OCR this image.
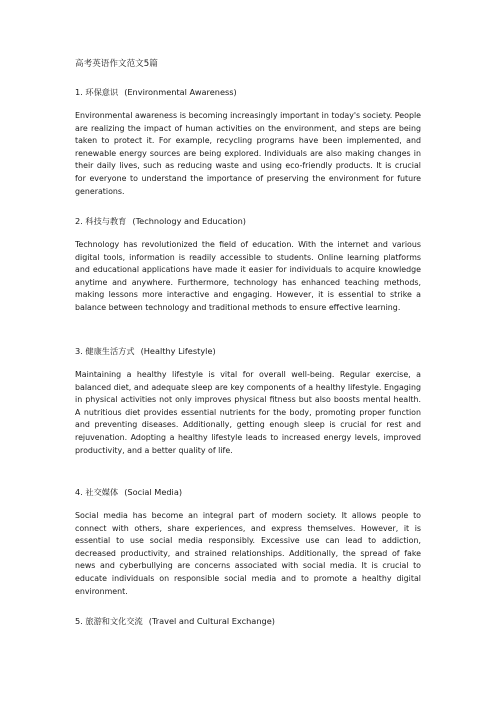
高考英语作文范文5篇
1. 环保意识 (Environmental Awareness)
Environmental awareness is becoming increasingly important in today's society. People are realizing the impact of human activities on the environment, and steps are being taken to protect it. For example, recycling programs have been implemented, and renewable energy sources are being explored. Individuals are also making changes in their daily lives, such as reducing waste and using eco-friendly products. It is crucial for everyone to understand the importance of preserving the environment for future generations.
2. 科技与教育 (Technology and Education)
Technology has revolutionized the field of education. With the internet and various digital tools, information is readily accessible to students. Online learning platforms and educational applications have made it easier for individuals to acquire knowledge anytime and anywhere. Furthermore, technology has enhanced teaching methods, making lessons more interactive and engaging. However, it is essential to strike a balance between technology and traditional methods to ensure effective learning.
3. 健康生活方式 (Healthy Lifestyle)
Maintaining a healthy lifestyle is vital for overall well-being. Regular exercise, a balanced diet, and adequate sleep are key components of a healthy lifestyle. Engaging in physical activities not only improves physical fitness but also boosts mental health. A nutritious diet provides essential nutrients for the body, promoting proper function and preventing diseases. Additionally, getting enough sleep is crucial for rest and rejuvenation. Adopting a healthy lifestyle leads to increased energy levels, improved productivity, and a better quality of life.
4. 社交媒体 (Social Media)
Social media has become an integral part of modern society. It allows people to connect with others, share experiences, and express themselves. However, it is essential to use social media responsibly. Excessive use can lead to addiction, decreased productivity, and strained relationships. Additionally, the spread of fake news and cyberbullying are concerns associated with social media. It is crucial to educate individuals on responsible social media and to promote a healthy digital environment.
5. 旅游和文化交流 (Travel and Cultural Exchange)
